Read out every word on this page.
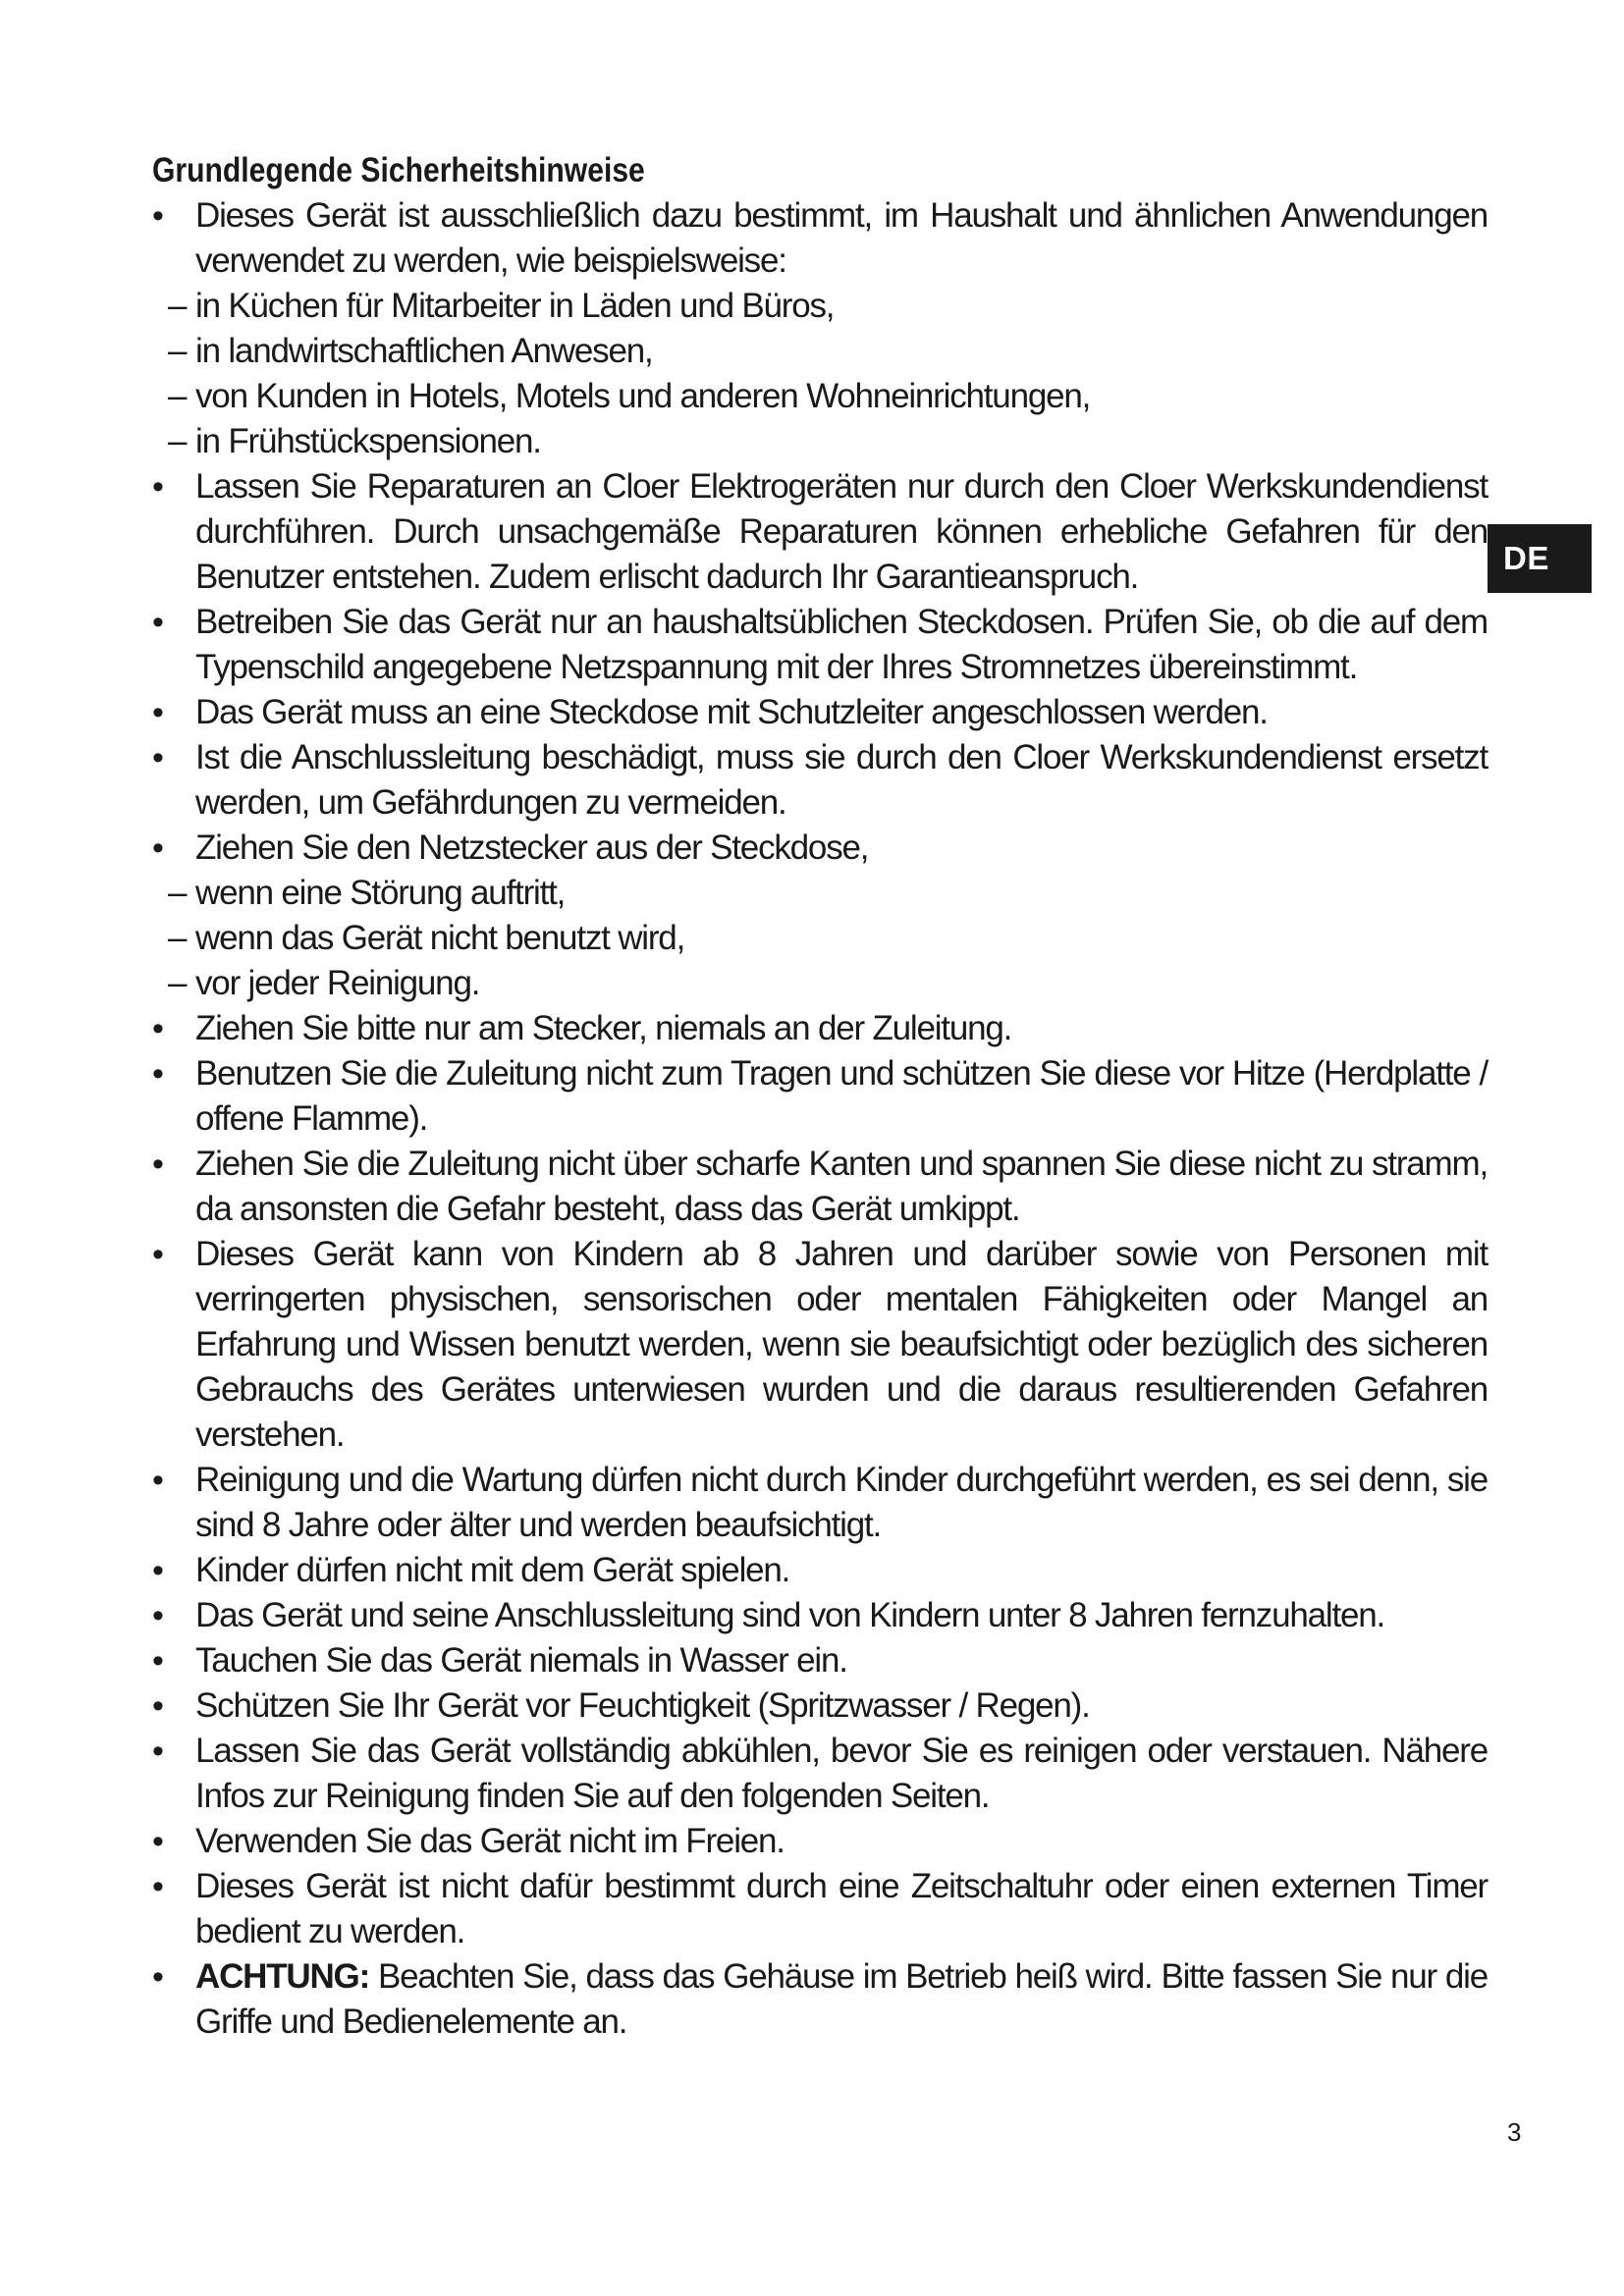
Grundlegende Sicherheitshinweise
• Dieses Gerät ist ausschließlich dazu bestimmt, im Haushalt und ähnlichen Anwendungen verwendet zu werden, wie beispielsweise:
– in Küchen für Mitarbeiter in Läden und Büros,
– in landwirtschaftlichen Anwesen,
– von Kunden in Hotels, Motels und anderen Wohneinrichtungen,
– in Frühstückspensionen.
• Lassen Sie Reparaturen an Cloer Elektrogeräten nur durch den Cloer Werkskundendienst durchführen. Durch unsachgemäße Reparaturen können erhebliche Gefahren für den Benutzer entstehen. Zudem erlischt dadurch Ihr Garantieanspruch.
• Betreiben Sie das Gerät nur an haushaltsüblichen Steckdosen. Prüfen Sie, ob die auf dem Typenschild angegebene Netzspannung mit der Ihres Stromnetzes übereinstimmt.
• Das Gerät muss an eine Steckdose mit Schutzleiter angeschlossen werden.
• Ist die Anschlussleitung beschädigt, muss sie durch den Cloer Werkskundendienst ersetzt werden, um Gefährdungen zu vermeiden.
• Ziehen Sie den Netzstecker aus der Steckdose,
– wenn eine Störung auftritt,
– wenn das Gerät nicht benutzt wird,
– vor jeder Reinigung.
• Ziehen Sie bitte nur am Stecker, niemals an der Zuleitung.
• Benutzen Sie die Zuleitung nicht zum Tragen und schützen Sie diese vor Hitze (Herdplatte / offene Flamme).
• Ziehen Sie die Zuleitung nicht über scharfe Kanten und spannen Sie diese nicht zu stramm, da ansonsten die Gefahr besteht, dass das Gerät umkippt.
• Dieses Gerät kann von Kindern ab 8 Jahren und darüber sowie von Personen mit verringerten physischen, sensorischen oder mentalen Fähigkeiten oder Mangel an Erfahrung und Wissen benutzt werden, wenn sie beaufsichtigt oder bezüglich des sicheren Gebrauchs des Gerätes unterwiesen wurden und die daraus resultierenden Gefahren verstehen.
• Reinigung und die Wartung dürfen nicht durch Kinder durchgeführt werden, es sei denn, sie sind 8 Jahre oder älter und werden beaufsichtigt.
• Kinder dürfen nicht mit dem Gerät spielen.
• Das Gerät und seine Anschlussleitung sind von Kindern unter 8 Jahren fernzuhalten.
• Tauchen Sie das Gerät niemals in Wasser ein.
• Schützen Sie Ihr Gerät vor Feuchtigkeit (Spritzwasser / Regen).
• Lassen Sie das Gerät vollständig abkühlen, bevor Sie es reinigen oder verstauen. Nähere Infos zur Reinigung finden Sie auf den folgenden Seiten.
• Verwenden Sie das Gerät nicht im Freien.
• Dieses Gerät ist nicht dafür bestimmt durch eine Zeitschaltuhr oder einen externen Timer bedient zu werden.
• ACHTUNG: Beachten Sie, dass das Gehäuse im Betrieb heiß wird. Bitte fassen Sie nur die Griffe und Bedienelemente an.
DE
3
